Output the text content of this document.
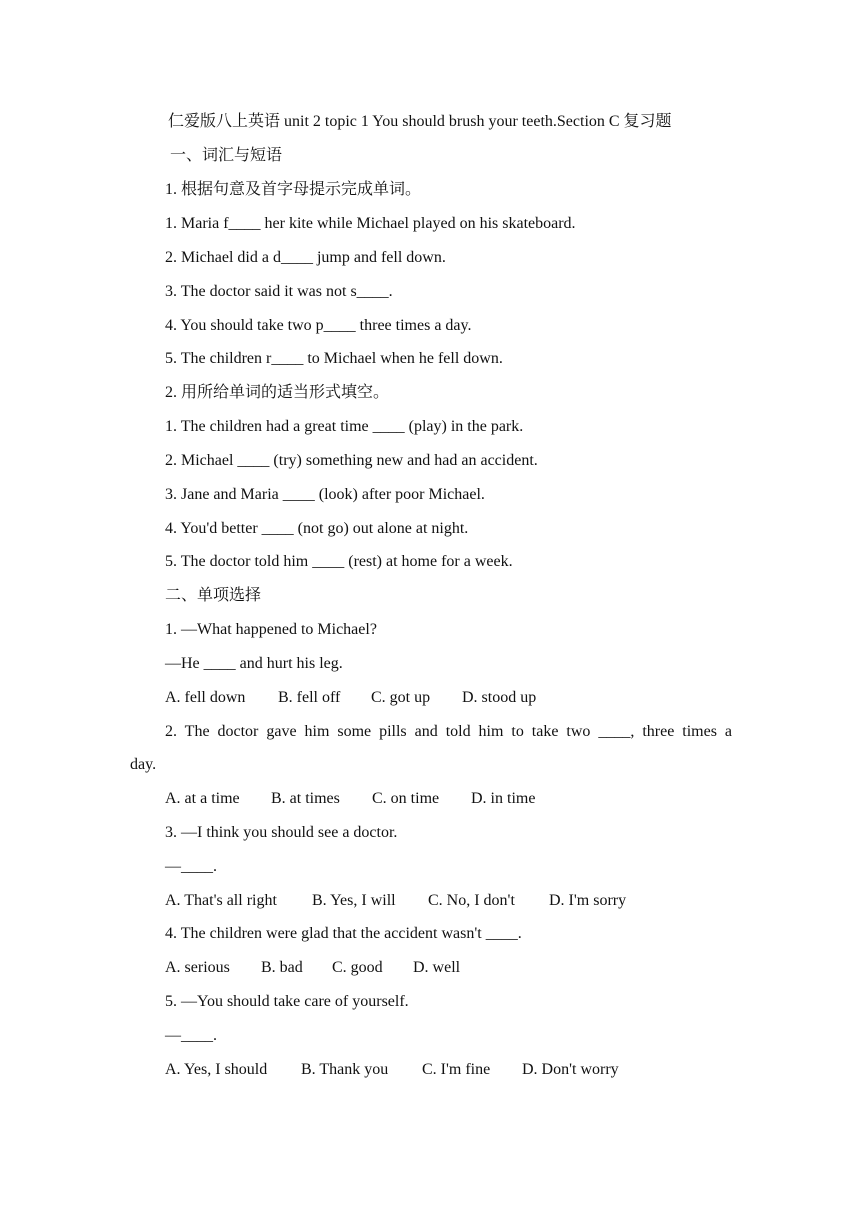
仁爱版八上英语 unit 2 topic 1 You should brush your teeth.Section C 复习题
一、词汇与短语
1. 根据句意及首字母提示完成单词。
1. Maria f____ her kite while Michael played on his skateboard.
2. Michael did a d____ jump and fell down.
3. The doctor said it was not s____.
4. You should take two p____ three times a day.
5. The children r____ to Michael when he fell down.
2. 用所给单词的适当形式填空。
1. The children had a great time ____ (play) in the park.
2. Michael ____ (try) something new and had an accident.
3. Jane and Maria ____ (look) after poor Michael.
4. You'd better ____ (not go) out alone at night.
5. The doctor told him ____ (rest) at home for a week.
二、单项选择
1. —What happened to Michael?
—He ____ and hurt his leg.
A. fell down B. fell off C. got up D. stood up
2. The doctor gave him some pills and told him to take two ____, three times a
day.
A. at a time B. at times C. on time D. in time
3. —I think you should see a doctor.
—____.
A. That's all right B. Yes, I will C. No, I don't D. I'm sorry
4. The children were glad that the accident wasn't ____.
A. serious B. bad C. good D. well
5. —You should take care of yourself.
—____.
A. Yes, I should B. Thank you C. I'm fine D. Don't worry
